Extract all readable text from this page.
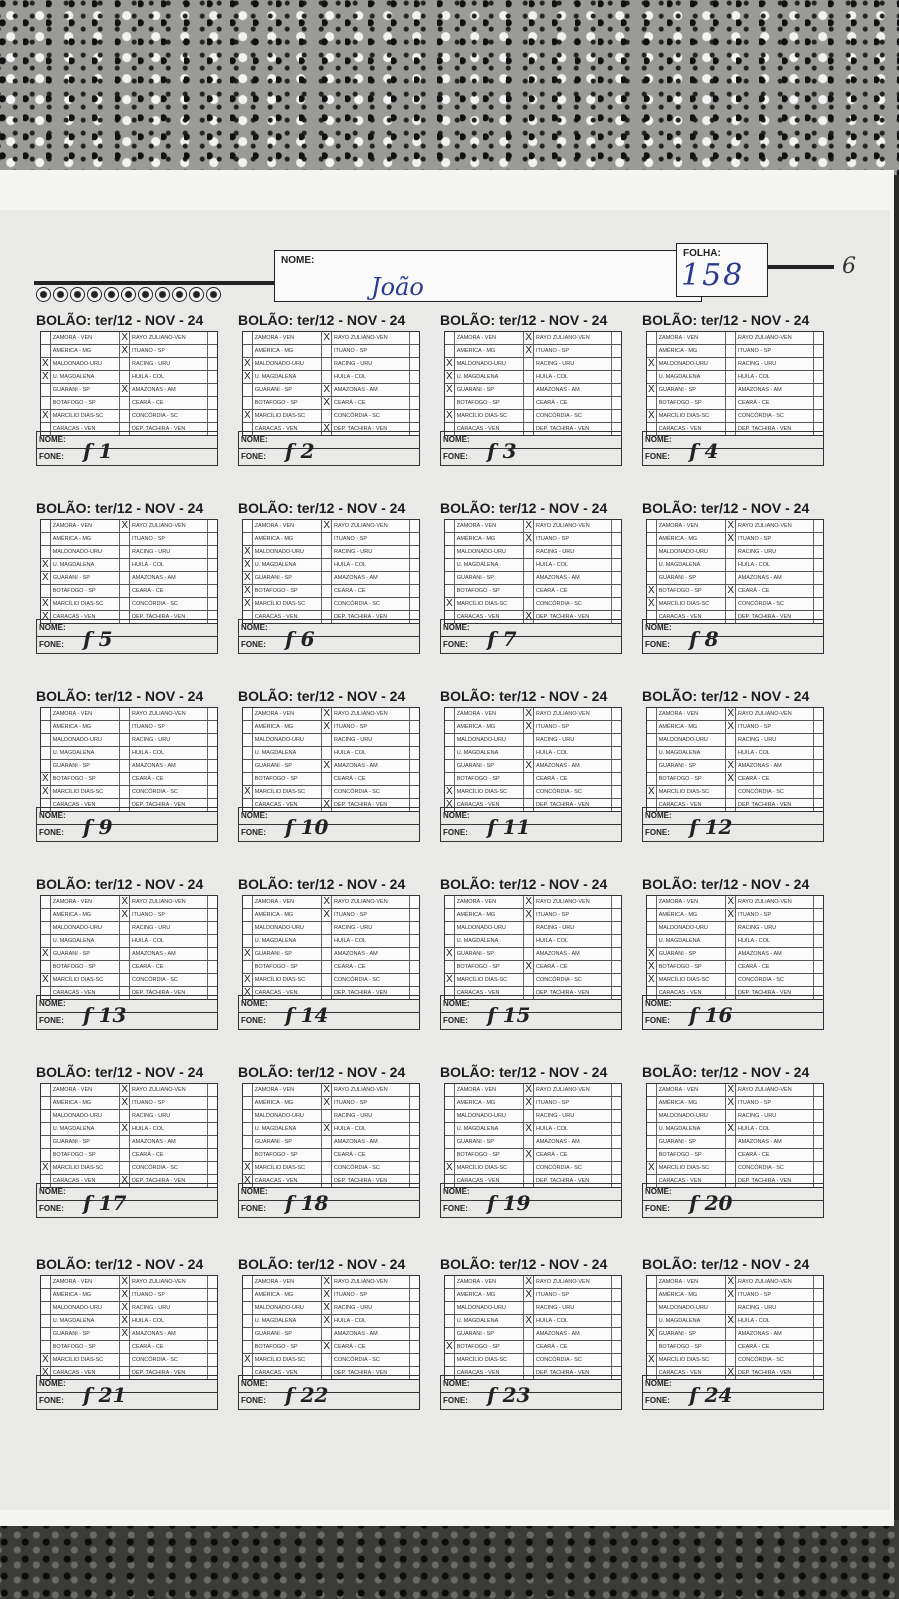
NOME:
João
FOLHA:
158	6
BOLÃO: ter/12 - NOV - 24
ZAMORA - VEN	X RAYO ZULIANO-VEN
AMÉRICA - MG	X ITUANO - SP
X MALDONADO-URU	RACING - URU
X U. MAGDALENA	HUILA - COL
GUARANI - SP	X AMAZONAS - AM
BOTAFOGO - SP	CEARÁ - CE
X MARCÍLIO DIAS-SC	CONCÓRDIA - SC
CARACAS - VEN	DEP. TACHIRA - VEN
NOME:
FONE: f 1
BOLÃO: ter/12 - NOV - 24
ZAMORA - VEN	X RAYO ZULIANO-VEN
AMÉRICA - MG	ITUANO - SP
X MALDONADO-URU	RACING - URU
X U. MAGDALENA	HUILA - COL
GUARANI - SP	X AMAZONAS - AM
BOTAFOGO - SP	X CEARÁ - CE
X MARCÍLIO DIAS-SC	CONCÓRDIA - SC
CARACAS - VEN	X DEP. TACHIRA - VEN
NOME:
FONE: f 2
BOLÃO: ter/12 - NOV - 24
ZAMORA - VEN	X RAYO ZULIANO-VEN
AMÉRICA - MG	X ITUANO - SP
X MALDONADO-URU	RACING - URU
X U. MAGDALENA	HUILA - COL
X GUARANI - SP	AMAZONAS - AM
BOTAFOGO - SP	CEARÁ - CE
X MARCÍLIO DIAS-SC	CONCÓRDIA - SC
CARACAS - VEN	DEP. TACHIRA - VEN
NOME:
FONE: f 3
BOLÃO: ter/12 - NOV - 24
ZAMORA - VEN	RAYO ZULIANO-VEN
AMÉRICA - MG	ITUANO - SP
X MALDONADO-URU	RACING - URU
U. MAGDALENA	HUILA - COL
X GUARANI - SP	AMAZONAS - AM
BOTAFOGO - SP	CEARÁ - CE
X MARCÍLIO DIAS-SC	CONCÓRDIA - SC
CARACAS - VEN	DEP. TACHIRA - VEN
NOME:
FONE: f 4
BOLÃO: ter/12 - NOV - 24
ZAMORA - VEN	X RAYO ZULIANO-VEN
AMÉRICA - MG	ITUANO - SP
MALDONADO-URU	RACING - URU
X U. MAGDALENA	HUILA - COL
X GUARANI - SP	AMAZONAS - AM
BOTAFOGO - SP	CEARÁ - CE
X MARCÍLIO DIAS-SC	CONCÓRDIA - SC
X CARACAS - VEN	DEP. TACHIRA - VEN
NOME:
FONE: f 5
BOLÃO: ter/12 - NOV - 24
ZAMORA - VEN	X RAYO ZULIANO-VEN
AMÉRICA - MG	ITUANO - SP
X MALDONADO-URU	RACING - URU
X U. MAGDALENA	HUILA - COL
X GUARANI - SP	AMAZONAS - AM
X BOTAFOGO - SP	CEARÁ - CE
X MARCÍLIO DIAS-SC	CONCÓRDIA - SC
CARACAS - VEN	DEP. TACHIRA - VEN
NOME:
FONE: f 6
BOLÃO: ter/12 - NOV - 24
ZAMORA - VEN	X RAYO ZULIANO-VEN
AMÉRICA - MG	X ITUANO - SP
MALDONADO-URU	RACING - URU
U. MAGDALENA	HUILA - COL
GUARANI - SP	AMAZONAS - AM
BOTAFOGO - SP	CEARÁ - CE
X MARCÍLIO DIAS-SC	CONCÓRDIA - SC
CARACAS - VEN	X DEP. TACHIRA - VEN
NOME:
FONE: f 7
BOLÃO: ter/12 - NOV - 24
ZAMORA - VEN	X RAYO ZULIANO-VEN
AMÉRICA - MG	X ITUANO - SP
MALDONADO-URU	RACING - URU
U. MAGDALENA	HUILA - COL
GUARANI - SP	AMAZONAS - AM
X BOTAFOGO - SP	X CEARÁ - CE
X MARCÍLIO DIAS-SC	CONCÓRDIA - SC
CARACAS - VEN	DEP. TACHIRA - VEN
NOME:
FONE: f 8
BOLÃO: ter/12 - NOV - 24
ZAMORA - VEN	RAYO ZULIANO-VEN
AMÉRICA - MG	ITUANO - SP
MALDONADO-URU	RACING - URU
U. MAGDALENA	HUILA - COL
GUARANI - SP	AMAZONAS - AM
X BOTAFOGO - SP	CEARÁ - CE
X MARCÍLIO DIAS-SC	CONCÓRDIA - SC
CARACAS - VEN	DEP. TACHIRA - VEN
NOME:
FONE: f 9
BOLÃO: ter/12 - NOV - 24
ZAMORA - VEN	X RAYO ZULIANO-VEN
AMÉRICA - MG	X ITUANO - SP
MALDONADO-URU	RACING - URU
U. MAGDALENA	HUILA - COL
GUARANI - SP	X AMAZONAS - AM
BOTAFOGO - SP	CEARÁ - CE
X MARCÍLIO DIAS-SC	CONCÓRDIA - SC
CARACAS - VEN	X DEP. TACHIRA - VEN
NOME:
FONE: f 10
BOLÃO: ter/12 - NOV - 24
ZAMORA - VEN	X RAYO ZULIANO-VEN
AMÉRICA - MG	X ITUANO - SP
MALDONADO-URU	RACING - URU
U. MAGDALENA	HUILA - COL
GUARANI - SP	X AMAZONAS - AM
BOTAFOGO - SP	CEARÁ - CE
X MARCÍLIO DIAS-SC	CONCÓRDIA - SC
X CARACAS - VEN	DEP. TACHIRA - VEN
NOME:
FONE: f 11
BOLÃO: ter/12 - NOV - 24
ZAMORA - VEN	X RAYO ZULIANO-VEN
AMÉRICA - MG	X ITUANO - SP
MALDONADO-URU	RACING - URU
U. MAGDALENA	HUILA - COL
GUARANI - SP	X AMAZONAS - AM
BOTAFOGO - SP	X CEARÁ - CE
X MARCÍLIO DIAS-SC	CONCÓRDIA - SC
CARACAS - VEN	DEP. TACHIRA - VEN
NOME:
FONE: f 12
BOLÃO: ter/12 - NOV - 24
ZAMORA - VEN	X RAYO ZULIANO-VEN
AMÉRICA - MG	X ITUANO - SP
MALDONADO-URU	RACING - URU
U. MAGDALENA	HUILA - COL
X GUARANI - SP	AMAZONAS - AM
BOTAFOGO - SP	CEARÁ - CE
X MARCÍLIO DIAS-SC	CONCÓRDIA - SC
CARACAS - VEN	DEP. TACHIRA - VEN
NOME:
FONE: f 13
BOLÃO: ter/12 - NOV - 24
ZAMORA - VEN	X RAYO ZULIANO-VEN
AMÉRICA - MG	X ITUANO - SP
MALDONADO-URU	RACING - URU
U. MAGDALENA	HUILA - COL
X GUARANI - SP	AMAZONAS - AM
BOTAFOGO - SP	CEARÁ - CE
X MARCÍLIO DIAS-SC	CONCÓRDIA - SC
X CARACAS - VEN	DEP. TACHIRA - VEN
NOME:
FONE: f 14
BOLÃO: ter/12 - NOV - 24
ZAMORA - VEN	X RAYO ZULIANO-VEN
AMÉRICA - MG	X ITUANO - SP
MALDONADO-URU	RACING - URU
U. MAGDALENA	HUILA - COL
X GUARANI - SP	AMAZONAS - AM
BOTAFOGO - SP	X CEARÁ - CE
X MARCÍLIO DIAS-SC	CONCÓRDIA - SC
CARACAS - VEN	DEP. TACHIRA - VEN
NOME:
FONE: f 15
BOLÃO: ter/12 - NOV - 24
ZAMORA - VEN	X RAYO ZULIANO-VEN
AMÉRICA - MG	X ITUANO - SP
MALDONADO-URU	RACING - URU
U. MAGDALENA	HUILA - COL
X GUARANI - SP	AMAZONAS - AM
X BOTAFOGO - SP	CEARÁ - CE
X MARCÍLIO DIAS-SC	CONCÓRDIA - SC
CARACAS - VEN	DEP. TACHIRA - VEN
NOME:
FONE: f 16
BOLÃO: ter/12 - NOV - 24
ZAMORA - VEN	X RAYO ZULIANO-VEN
AMÉRICA - MG	X ITUANO - SP
MALDONADO-URU	RACING - URU
U. MAGDALENA	X HUILA - COL
GUARANI - SP	AMAZONAS - AM
BOTAFOGO - SP	CEARÁ - CE
X MARCÍLIO DIAS-SC	CONCÓRDIA - SC
CARACAS - VEN	X DEP. TACHIRA - VEN
NOME:
FONE: f 17
BOLÃO: ter/12 - NOV - 24
ZAMORA - VEN	X RAYO ZULIANO-VEN
AMÉRICA - MG	X ITUANO - SP
MALDONADO-URU	RACING - URU
U. MAGDALENA	X HUILA - COL
GUARANI - SP	AMAZONAS - AM
BOTAFOGO - SP	CEARÁ - CE
X MARCÍLIO DIAS-SC	CONCÓRDIA - SC
X CARACAS - VEN	DEP. TACHIRA - VEN
NOME:
FONE: f 18
BOLÃO: ter/12 - NOV - 24
ZAMORA - VEN	X RAYO ZULIANO-VEN
AMÉRICA - MG	X ITUANO - SP
MALDONADO-URU	RACING - URU
U. MAGDALENA	X HUILA - COL
GUARANI - SP	AMAZONAS - AM
BOTAFOGO - SP	X CEARÁ - CE
X MARCÍLIO DIAS-SC	CONCÓRDIA - SC
CARACAS - VEN	DEP. TACHIRA - VEN
NOME:
FONE: f 19
BOLÃO: ter/12 - NOV - 24
ZAMORA - VEN	X RAYO ZULIANO-VEN
AMÉRICA - MG	X ITUANO - SP
MALDONADO-URU	RACING - URU
U. MAGDALENA	X HUILA - COL
GUARANI - SP	AMAZONAS - AM
BOTAFOGO - SP	CEARÁ - CE
X MARCÍLIO DIAS-SC	CONCÓRDIA - SC
CARACAS - VEN	DEP. TACHIRA - VEN
NOME:
FONE: f 20
BOLÃO: ter/12 - NOV - 24
ZAMORA - VEN	X RAYO ZULIANO-VEN
AMÉRICA - MG	X ITUANO - SP
MALDONADO-URU	X RACING - URU
U. MAGDALENA	X HUILA - COL
GUARANI - SP	X AMAZONAS - AM
BOTAFOGO - SP	CEARÁ - CE
X MARCÍLIO DIAS-SC	CONCÓRDIA - SC
X CARACAS - VEN	DEP. TACHIRA - VEN
NOME:
FONE: f 21
BOLÃO: ter/12 - NOV - 24
ZAMORA - VEN	X RAYO ZULIANO-VEN
AMÉRICA - MG	X ITUANO - SP
MALDONADO-URU	X RACING - URU
U. MAGDALENA	X HUILA - COL
GUARANI - SP	AMAZONAS - AM
BOTAFOGO - SP	X CEARÁ - CE
X MARCÍLIO DIAS-SC	CONCÓRDIA - SC
CARACAS - VEN	DEP. TACHIRA - VEN
NOME:
FONE: f 22
BOLÃO: ter/12 - NOV - 24
ZAMORA - VEN	X RAYO ZULIANO-VEN
AMÉRICA - MG	X ITUANO - SP
MALDONADO-URU	RACING - URU
U. MAGDALENA	X HUILA - COL
GUARANI - SP	AMAZONAS - AM
X BOTAFOGO - SP	CEARÁ - CE
MARCÍLIO DIAS-SC	CONCÓRDIA - SC
CARACAS - VEN	DEP. TACHIRA - VEN
NOME:
FONE: f 23
BOLÃO: ter/12 - NOV - 24
ZAMORA - VEN	X RAYO ZULIANO-VEN
AMÉRICA - MG	X ITUANO - SP
MALDONADO-URU	RACING - URU
U. MAGDALENA	X HUILA - COL
X GUARANI - SP	AMAZONAS - AM
BOTAFOGO - SP	CEARÁ - CE
X MARCÍLIO DIAS-SC	CONCÓRDIA - SC
CARACAS - VEN	X DEP. TACHIRA - VEN
NOME:
FONE: f 24
